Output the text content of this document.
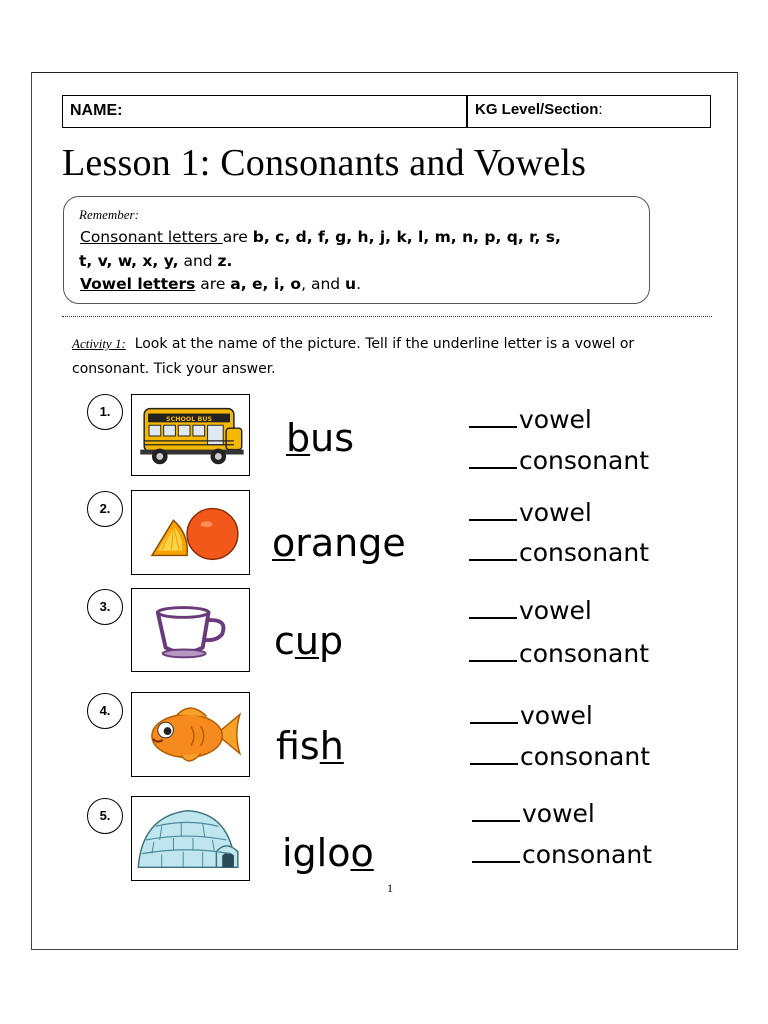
NAME:	KG Level/Section:
Lesson 1: Consonants and Vowels
Remember:
Consonant letters are b, c, d, f, g, h, j, k, l, m, n, p, q, r, s,
t, v, w, x, y, and z.
Vowel letters are a, e, i, o, and u.
Activity 1: Look at the name of the picture. Tell if the underline letter is a vowel or consonant. Tick your answer.
1.
SCHOOL BUS bus	vowel
consonant
2.
orange
vowel
consonant
3.
cup
vowel
consonant
4.
fish
vowel
consonant
5.
igloo
vowel
consonant
1
